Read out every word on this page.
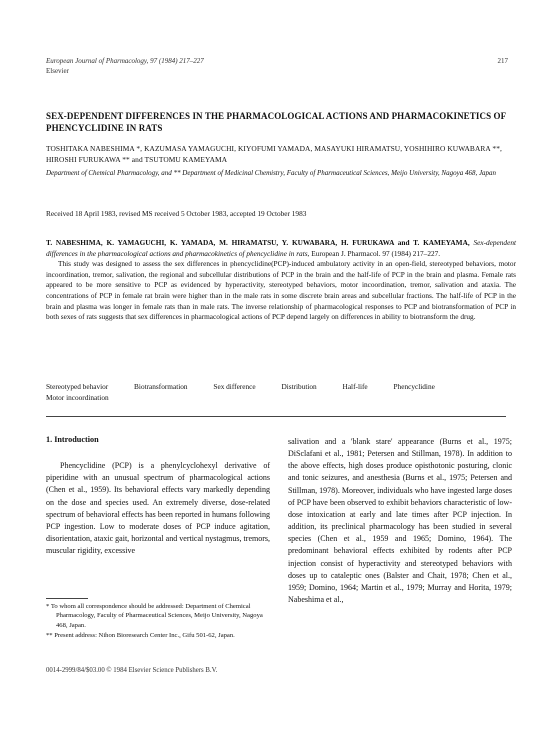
European Journal of Pharmacology, 97 (1984) 217–227
Elsevier
217
SEX-DEPENDENT DIFFERENCES IN THE PHARMACOLOGICAL ACTIONS AND PHARMACOKINETICS OF PHENCYCLIDINE IN RATS
TOSHITAKA NABESHIMA *, KAZUMASA YAMAGUCHI, KIYOFUMI YAMADA, MASAYUKI HIRAMATSU, YOSHIHIRO KUWABARA **, HIROSHI FURUKAWA ** and TSUTOMU KAMEYAMA
Department of Chemical Pharmacology, and ** Department of Medicinal Chemistry, Faculty of Pharmaceutical Sciences, Meijo University, Nagoya 468, Japan
Received 18 April 1983, revised MS received 5 October 1983, accepted 19 October 1983

T. NABESHIMA, K. YAMAGUCHI, K. YAMADA, M. HIRAMATSU, Y. KUWABARA, H. FURUKAWA and T. KAMEYAMA, Sex-dependent differences in the pharmacological actions and pharmacokinetics of phencyclidine in rats, European J. Pharmacol. 97 (1984) 217–227.

This study was designed to assess the sex differences in phencyclidine(PCP)-induced ambulatory activity in an open-field, stereotyped behaviors, motor incoordination, tremor, salivation, the regional and subcellular distributions of PCP in the brain and the half-life of PCP in the brain and plasma. Female rats appeared to be more sensitive to PCP as evidenced by hyperactivity, stereotyped behaviors, motor incoordination, tremor, salivation and ataxia. The concentrations of PCP in female rat brain were higher than in the male rats in some discrete brain areas and subcellular fractions. The half-life of PCP in the brain and plasma was longer in female rats than in male rats. The inverse relationship of pharmacological responses to PCP and biotransformation of PCP in both sexes of rats suggests that sex differences in pharmacological actions of PCP depend largely on differences in ability to biotransform the drug.

Stereotyped behavior	Biotransformation	Sex difference	Distribution	Half-life	Phencyclidine
Motor incoordination

1. Introduction

Phencyclidine (PCP) is a phenylcyclohexyl derivative of piperidine with an unusual spectrum of pharmacological actions (Chen et al., 1959). Its behavioral effects vary markedly depending on the dose and species used. An extremely diverse, dose-related spectrum of behavioral effects has been reported in humans following PCP ingestion. Low to moderate doses of PCP induce agitation, disorientation, ataxic gait, horizontal and vertical nystagmus, tremors, muscular rigidity, excessive

* To whom all correspondence should be addressed: Department of Chemical Pharmacology, Faculty of Pharmaceutical Sciences, Meijo University, Nagoya 468, Japan.

** Present address: Nihon Bioresearch Center Inc., Gifu 501-62, Japan.

salivation and a 'blank stare' appearance (Burns et al., 1975; DiSclafani et al., 1981; Petersen and Stillman, 1978). In addition to the above effects, high doses produce opisthotonic posturing, clonic and tonic seizures, and anesthesia (Burns et al., 1975; Petersen and Stillman, 1978). Moreover, individuals who have ingested large doses of PCP have been observed to exhibit behaviors characteristic of low-dose intoxication at early and late times after PCP injection. In addition, its preclinical pharmacology has been studied in several species (Chen et al., 1959 and 1965; Domino, 1964). The predominant behavioral effects exhibited by rodents after PCP injection consist of hyperactivity and stereotyped behaviors with doses up to cataleptic ones (Balster and Chait, 1978; Chen et al., 1959; Domino, 1964; Martin et al., 1979; Murray and Horita, 1979; Nabeshima et al.,

0014-2999/84/$03.00 © 1984 Elsevier Science Publishers B.V.
